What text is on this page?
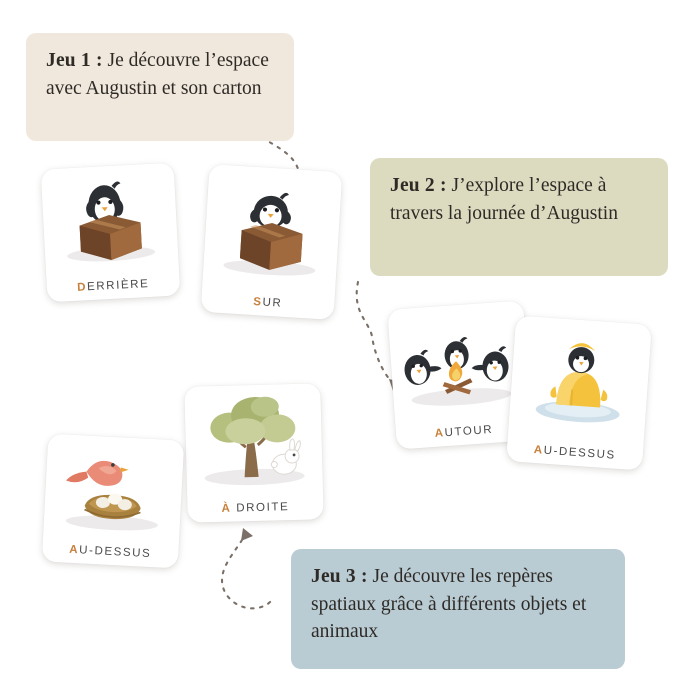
Jeu 1 : Je découvre l’espace avec Augustin et son carton
Jeu 2 : J’explore l’espace à travers la journée d’Augustin
Jeu 3 : Je découvre les repères spatiaux grâce à différents objets et animaux
DERRIÈRE
SUR
AUTOUR
AU-DESSUS
À DROITE
AU-DESSUS
